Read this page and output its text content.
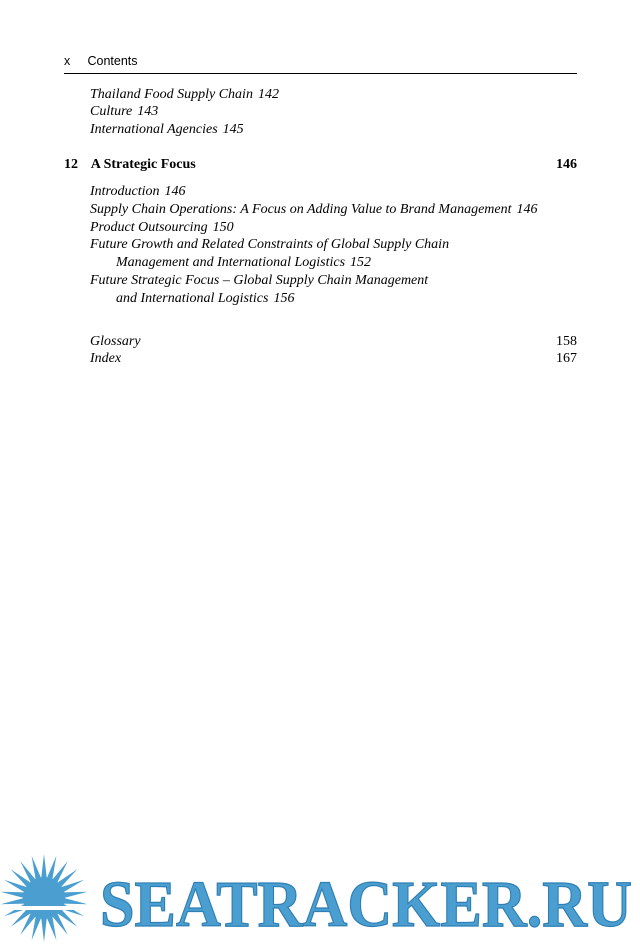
x Contents
Thailand Food Supply Chain 142
Culture 143
International Agencies 145
12 A Strategic Focus	146
Introduction 146
Supply Chain Operations: A Focus on Adding Value to Brand Management 146
Product Outsourcing 150
Future Growth and Related Constraints of Global Supply Chain
Management and International Logistics 152
Future Strategic Focus – Global Supply Chain Management
and International Logistics 156
Glossary	158
Index	167
SEATRACKER.RU
